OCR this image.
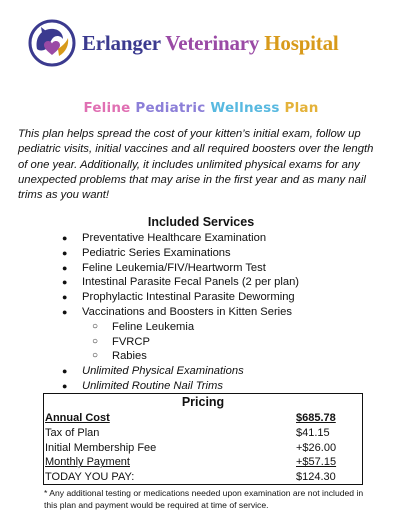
Erlanger Veterinary Hospital
Feline Pediatric Wellness Plan

This plan helps spread the cost of your kitten’s initial exam, follow up pediatric visits, initial vaccines and all required boosters over the length of one year. Additionally, it includes unlimited physical exams for any unexpected problems that may arise in the first year and as many nail trims as you want!

Included Services
● Preventative Healthcare Examination
● Pediatric Series Examinations
● Feline Leukemia/FIV/Heartworm Test
● Intestinal Parasite Fecal Panels (2 per plan)
● Prophylactic Intestinal Parasite Deworming
● Vaccinations and Boosters in Kitten Series
○ Feline Leukemia
○ FVRCP
○ Rabies
● Unlimited Physical Examinations
● Unlimited Routine Nail Trims
Pricing
Annual Cost	$685.78
Tax of Plan	$41.15
Initial Membership Fee	+$26.00
Monthly Payment	+$57.15
TODAY YOU PAY:	$124.30

* Any additional testing or medications needed upon examination are not included in this plan and payment would be required at time of service.
